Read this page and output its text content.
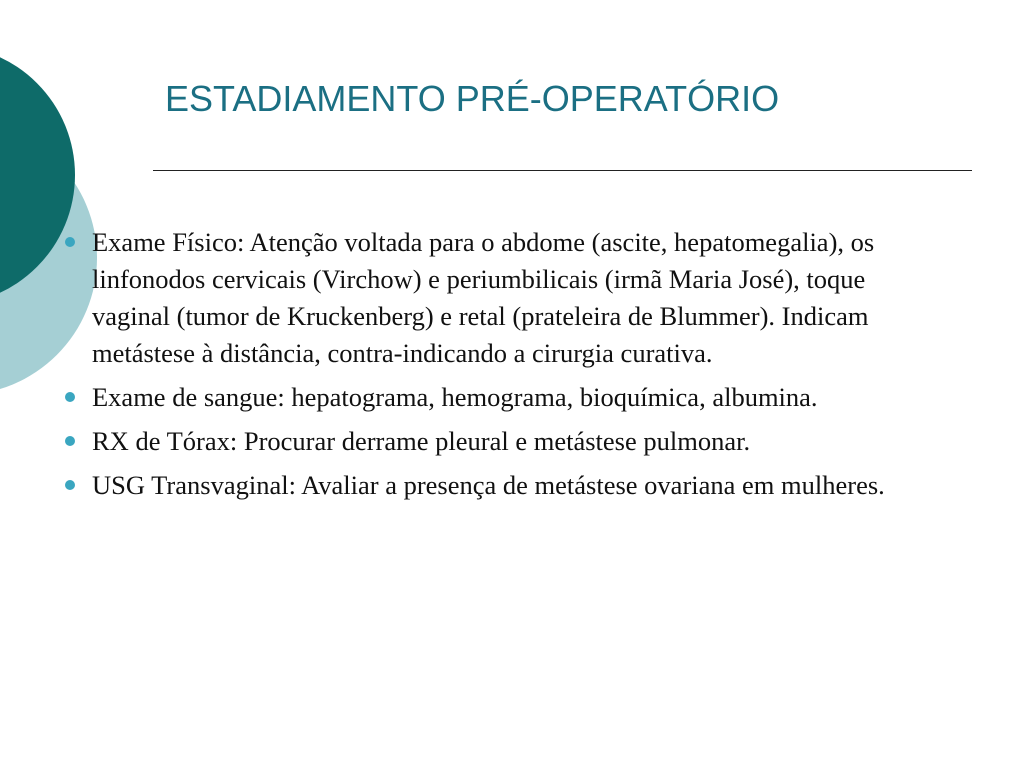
ESTADIAMENTO PRÉ-OPERATÓRIO
Exame Físico: Atenção voltada para o abdome (ascite, hepatomegalia), os linfonodos cervicais (Virchow) e periumbilicais (irmã Maria José), toque vaginal (tumor de Kruckenberg) e retal (prateleira de Blummer). Indicam metástese à distância, contra-indicando a cirurgia curativa.
Exame de sangue: hepatograma, hemograma, bioquímica, albumina.
RX de Tórax: Procurar derrame pleural e metástese pulmonar.
USG Transvaginal: Avaliar a presença de metástese ovariana em mulheres.
